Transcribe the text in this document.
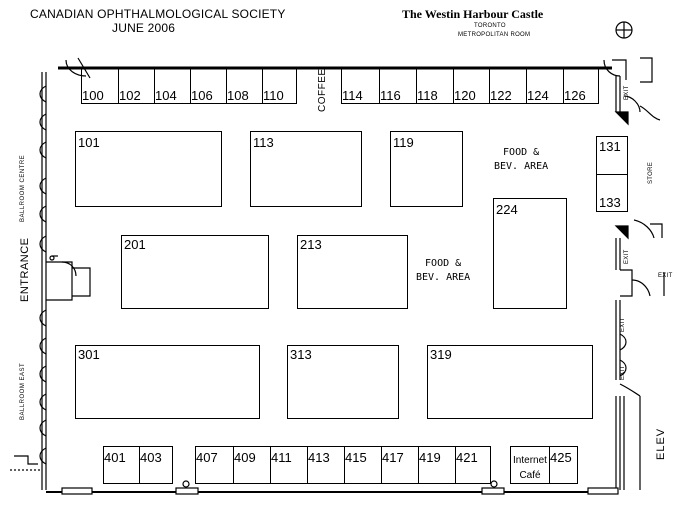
CANADIAN OPHTHALMOLOGICAL SOCIETY
JUNE 2006
The Westin Harbour Castle
TORONTO
METROPOLITAN ROOM
100 102 104 106 108 110	COFFEE 114 116 118 120 122 124 126
101	113	119
201	213
224
301	313	319
131
133
FOOD &
BEV. AREA
FOOD &
BEV. AREA
401 403	407 409 411 413 415 417 419 421	Internet
Café
425
ENTRANCE
BALLROOM CENTRE
BALLROOM EAST
ELEV
EXIT
STORE
EXIT
EXIT
EXIT
EXIT
